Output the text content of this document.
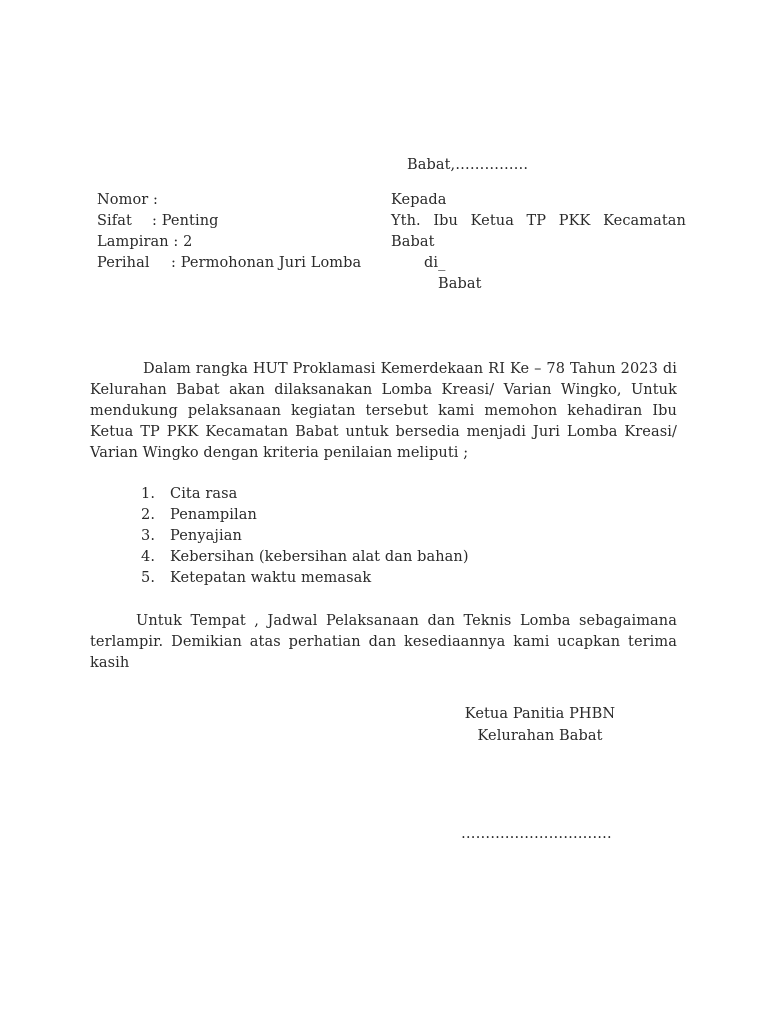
Babat,……………
Nomor :
Sifat : Penting
Lampiran : 2
Perihal : Permohonan Juri Lomba
Kepada
Yth. Ibu Ketua TP PKK Kecamatan
Babat
di_
Babat
Dalam rangka HUT Proklamasi Kemerdekaan RI Ke – 78 Tahun 2023 di
Kelurahan Babat akan dilaksanakan Lomba Kreasi/ Varian Wingko, Untuk
mendukung pelaksanaan kegiatan tersebut kami memohon kehadiran Ibu
Ketua TP PKK Kecamatan Babat untuk bersedia menjadi Juri Lomba Kreasi/
Varian Wingko dengan kriteria penilaian meliputi ;
1. Cita rasa
2. Penampilan
3. Penyajian
4. Kebersihan (kebersihan alat dan bahan)
5. Ketepatan waktu memasak
Untuk Tempat , Jadwal Pelaksanaan dan Teknis Lomba sebagaimana
terlampir. Demikian atas perhatian dan kesediaannya kami ucapkan terima
kasih
Ketua Panitia PHBN
Kelurahan Babat
………………………….
